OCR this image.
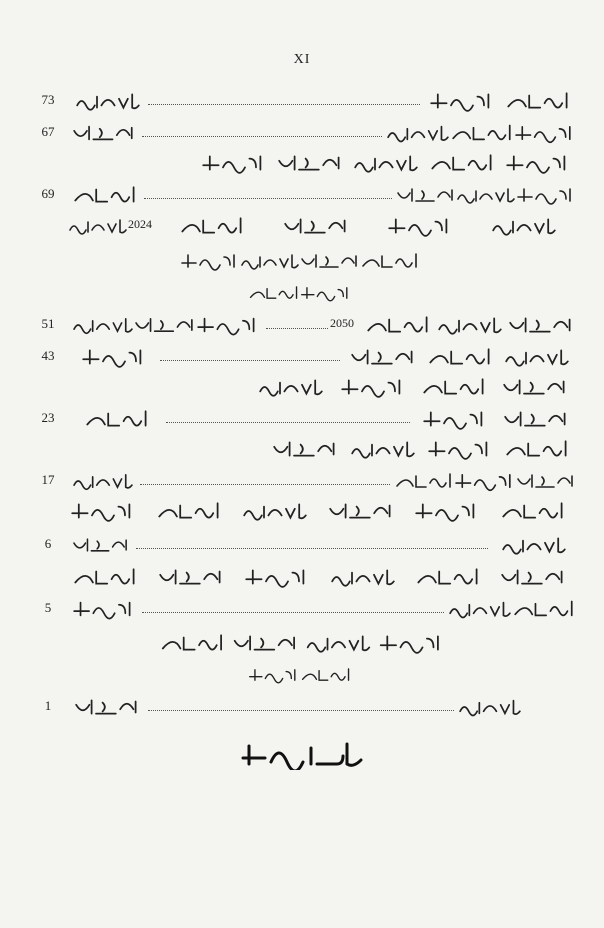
XI
73
67
69
2024
51	2050
43
23
17
6
5
1
